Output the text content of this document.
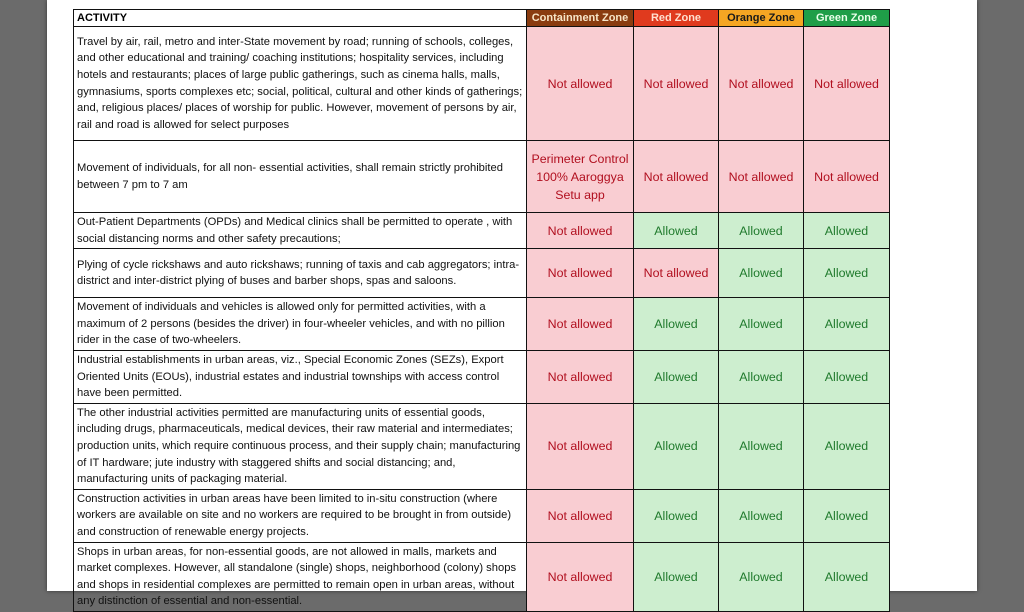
ACTIVITY	Containment Zone	Red Zone	Orange Zone	Green Zone
Travel by air, rail, metro and inter-State movement by road; running of schools, colleges, and other educational and training/ coaching institutions; hospitality services, including hotels and restaurants; places of large public gatherings, such as cinema halls, malls, gymnasiums, sports complexes etc; social, political, cultural and other kinds of gatherings; and, religious places/ places of worship for public. However, movement of persons by air, rail and road is allowed for select purposes	Not allowed	Not allowed	Not allowed	Not allowed
Movement of individuals, for all non- essential activities, shall remain strictly prohibited between 7 pm to 7 am	Perimeter Control 100% Aaroggya Setu app	Not allowed	Not allowed	Not allowed
Out-Patient Departments (OPDs) and Medical clinics shall be permitted to operate , with social distancing norms and other safety precautions;	Not allowed	Allowed	Allowed	Allowed
Plying of cycle rickshaws and auto rickshaws; running of taxis and cab aggregators; intra-district and inter-district plying of buses and barber shops, spas and saloons.	Not allowed	Not allowed	Allowed	Allowed
Movement of individuals and vehicles is allowed only for permitted activities, with a maximum of 2 persons (besides the driver) in four-wheeler vehicles, and with no pillion rider in the case of two-wheelers.	Not allowed	Allowed	Allowed	Allowed
Industrial establishments in urban areas, viz., Special Economic Zones (SEZs), Export Oriented Units (EOUs), industrial estates and industrial townships with access control have been permitted.	Not allowed	Allowed	Allowed	Allowed
The other industrial activities permitted are manufacturing units of essential goods, including drugs, pharmaceuticals, medical devices, their raw material and intermediates; production units, which require continuous process, and their supply chain; manufacturing of IT hardware; jute industry with staggered shifts and social distancing; and, manufacturing units of packaging material.	Not allowed	Allowed	Allowed	Allowed
Construction activities in urban areas have been limited to in-situ construction (where workers are available on site and no workers are required to be brought in from outside) and construction of renewable energy projects.	Not allowed	Allowed	Allowed	Allowed
Shops in urban areas, for non-essential goods, are not allowed in malls, markets and market complexes. However, all standalone (single) shops, neighborhood (colony) shops and shops in residential complexes are permitted to remain open in urban areas, without any distinction of essential and non-essential.	Not allowed	Allowed	Allowed	Allowed
